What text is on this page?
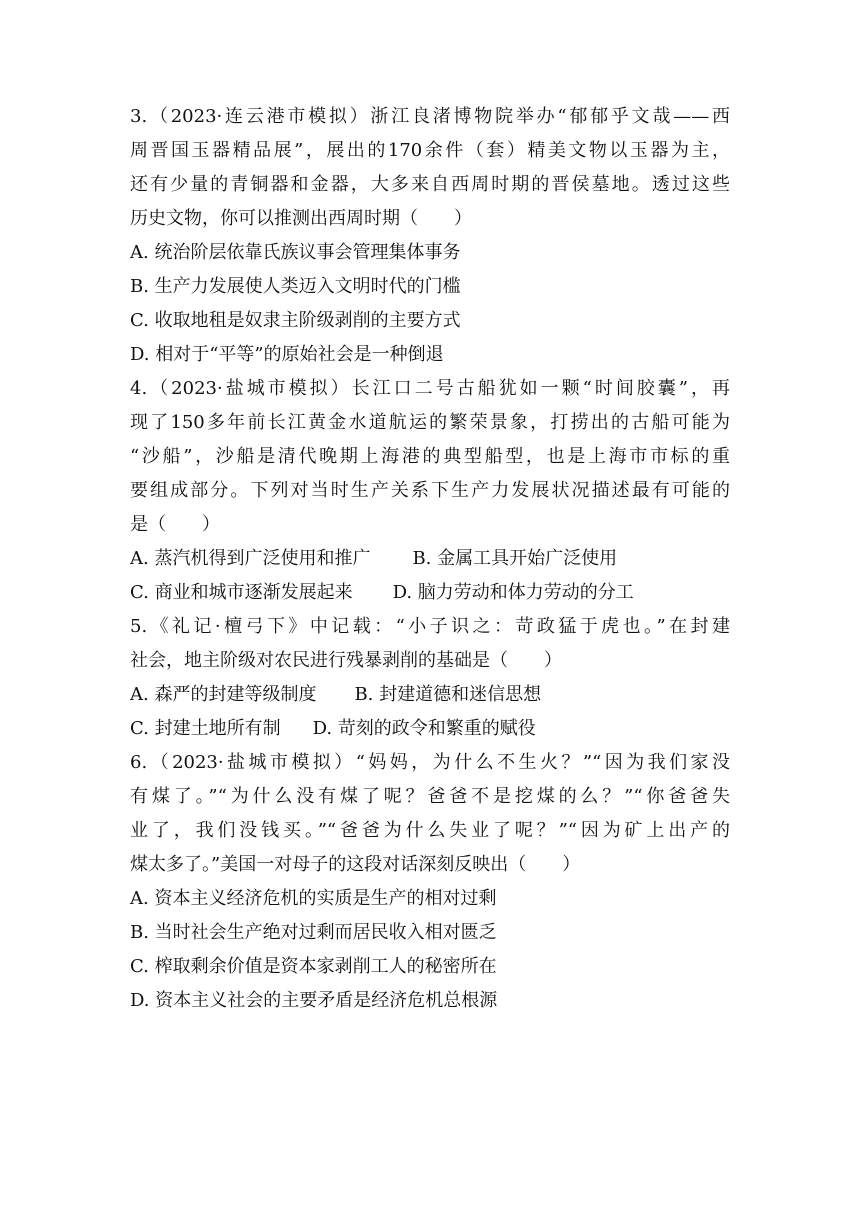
3.（2023·连云港市模拟）浙江良渚博物院举办“郁郁乎文哉——西

周晋国玉器精品展”，展出的170余件（套）精美文物以玉器为主，

还有少量的青铜器和金器，大多来自西周时期的晋侯墓地。透过这些

历史文物，你可以推测出西周时期（　　）

A. 统治阶层依靠氏族议事会管理集体事务

B. 生产力发展使人类迈入文明时代的门槛

C. 收取地租是奴隶主阶级剥削的主要方式

D. 相对于“平等”的原始社会是一种倒退

4.（2023·盐城市模拟）长江口二号古船犹如一颗“时间胶囊”，再

现了150多年前长江黄金水道航运的繁荣景象，打捞出的古船可能为

“沙船”，沙船是清代晚期上海港的典型船型，也是上海市市标的重

要组成部分。下列对当时生产关系下生产力发展状况描述最有可能的

是（　　）

A. 蒸汽机得到广泛使用和推广 B. 金属工具开始广泛使用
C. 商业和城市逐渐发展起来 D. 脑力劳动和体力劳动的分工

5.《礼记·檀弓下》中记载：“小子识之：苛政猛于虎也。”在封建

社会，地主阶级对农民进行残暴剥削的基础是（　　）

A. 森严的封建等级制度 B. 封建道德和迷信思想
C. 封建土地所有制 D. 苛刻的政令和繁重的赋役

6.（2023·盐城市模拟）“妈妈，为什么不生火？”“因为我们家没

有煤了。”“为什么没有煤了呢？爸爸不是挖煤的么？”“你爸爸失

业了，我们没钱买。”“爸爸为什么失业了呢？”“因为矿上出产的

煤太多了。”美国一对母子的这段对话深刻反映出（　　）

A. 资本主义经济危机的实质是生产的相对过剩

B. 当时社会生产绝对过剩而居民收入相对匮乏

C. 榨取剩余价值是资本家剥削工人的秘密所在

D. 资本主义社会的主要矛盾是经济危机总根源
